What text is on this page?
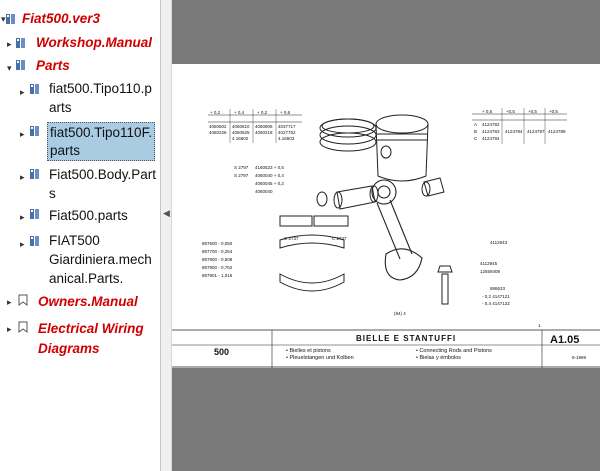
▾ Fiat500.ver3
▸ Workshop.Manual
▾ Parts
▸ fiat500.Tipo110.p
arts
▸ fiat500.Tipo110F.
parts
▸ Fiat500.Body.Part
s
▸ Fiat500.parts
▸ FIAT500
Giardiniera.mech
anical.Parts.
▸ Owners.Manual
▸ Electrical Wiring
Diagrams
◀
+ 0,2	+ 0,4	+ 0,2	+ 0,6
4060602 4060610 4060906 4037717
4060226 4060625 4060218 4027752
4.16602	4.16603
+ 0,5	+0,5	+0,5	+0,5
A 4124782
B 4124783 4124784 4124787 4124788
C 4124784
S 2797 4160523 + 0,5
S 2797 4060040 + 0,4
4060045 + 0,2
4060040
887600 - 0,050
887700 - 0,254
887800 - 0,508
887900 - 0,762
887901 - 1,016
C 2737	C 2737
4112943
(94) 4
4112945
12559408
886633
- 0,2 4147121
- 0,4 4147122
BIELLE E STANTUFFI
500
A1.05
8-1969
• Bielles et pistons
• Pleuelstangen und Kolben
• Connecting Rods and Pistons
• Bielas y émbolos
1
